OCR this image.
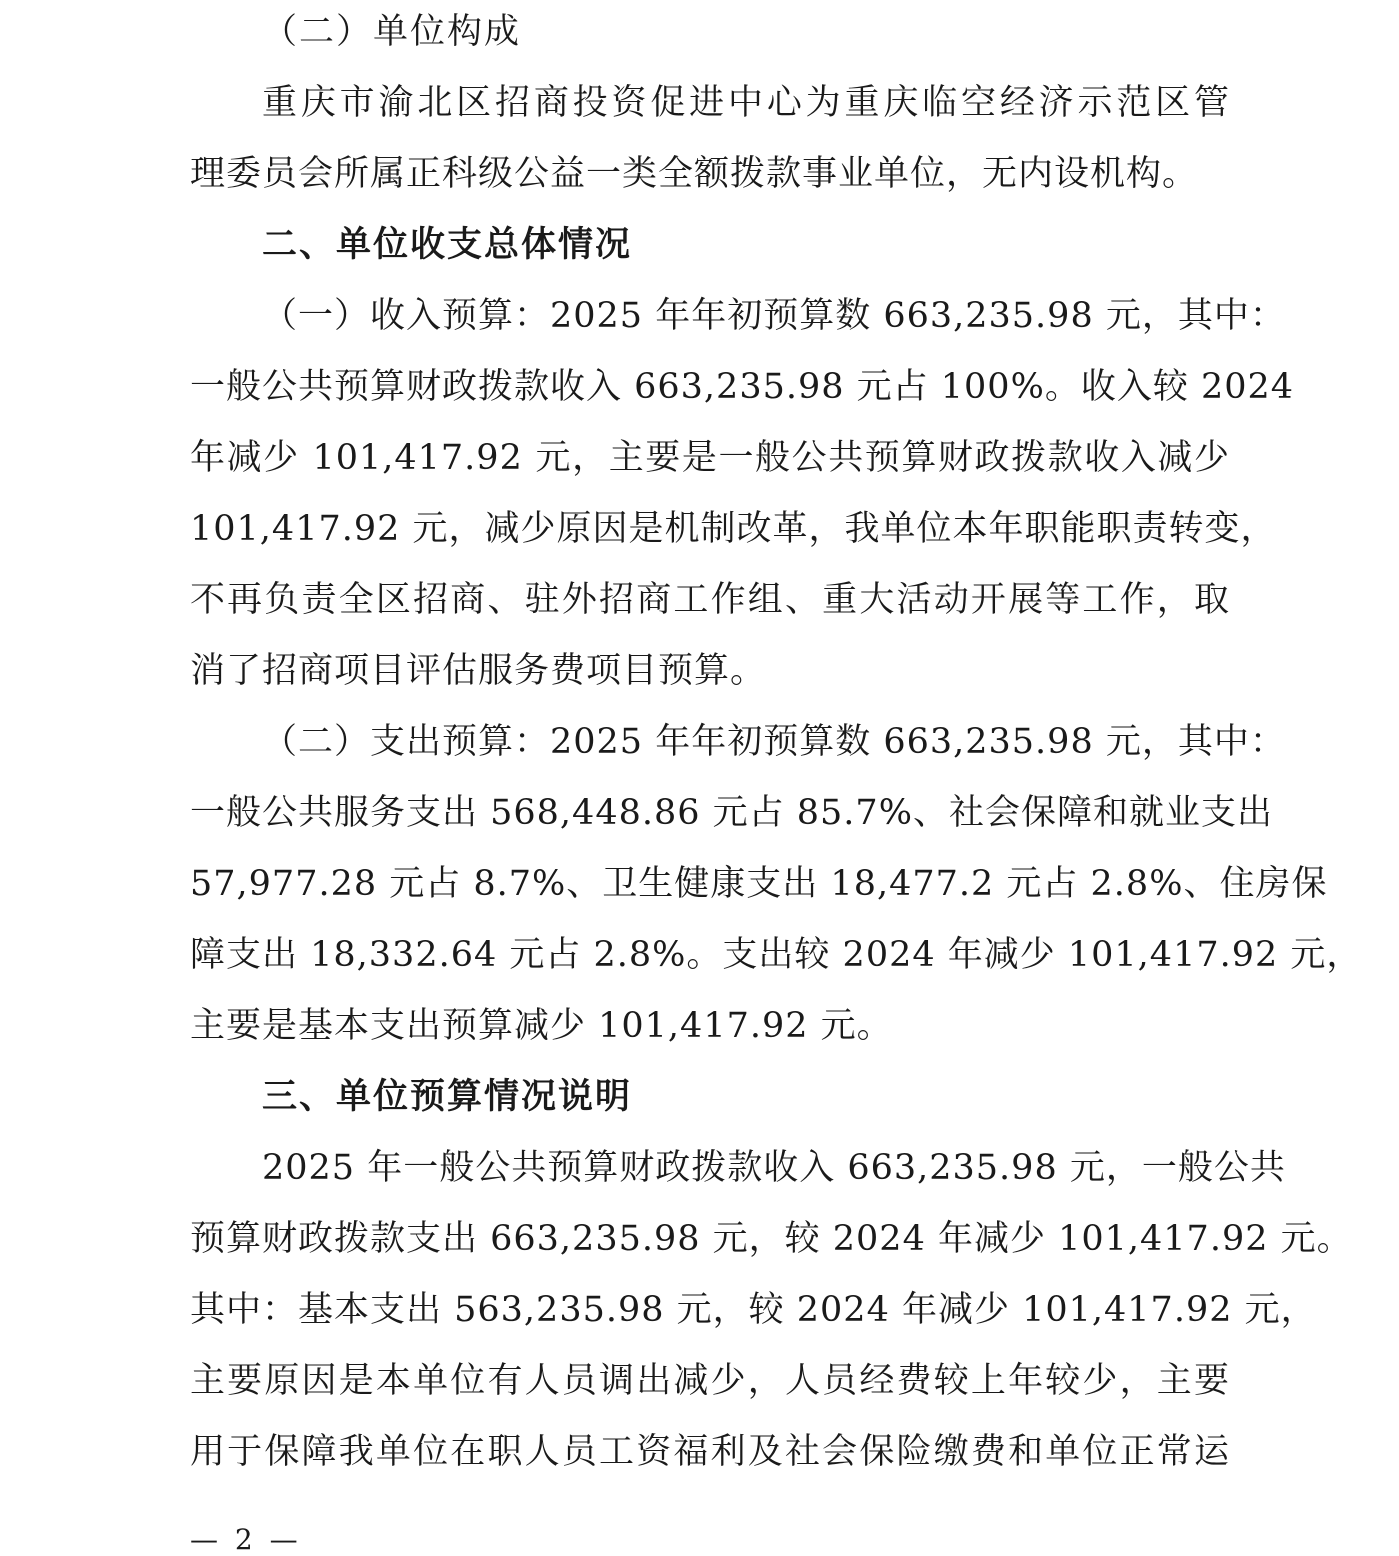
（二）单位构成
重庆市渝北区招商投资促进中心为重庆临空经济示范区管
理委员会所属正科级公益一类全额拨款事业单位，无内设机构。
二、单位收支总体情况
（一）收入预算：2025 年年初预算数 663,235.98 元，其中：
一般公共预算财政拨款收入 663,235.98 元占 100%。收入较 2024
年减少 101,417.92 元，主要是一般公共预算财政拨款收入减少
101,417.92 元，减少原因是机制改革，我单位本年职能职责转变，
不再负责全区招商、驻外招商工作组、重大活动开展等工作，取
消了招商项目评估服务费项目预算。
（二）支出预算：2025 年年初预算数 663,235.98 元，其中：
一般公共服务支出 568,448.86 元占 85.7%、社会保障和就业支出
57,977.28 元占 8.7%、卫生健康支出 18,477.2 元占 2.8%、住房保
障支出 18,332.64 元占 2.8%。支出较 2024 年减少 101,417.92 元，
主要是基本支出预算减少 101,417.92 元。
三、单位预算情况说明
2025 年一般公共预算财政拨款收入 663,235.98 元，一般公共
预算财政拨款支出 663,235.98 元，较 2024 年减少 101,417.92 元。
其中：基本支出 563,235.98 元，较 2024 年减少 101,417.92 元，
主要原因是本单位有人员调出减少，人员经费较上年较少，主要
用于保障我单位在职人员工资福利及社会保险缴费和单位正常运
— 2 —
